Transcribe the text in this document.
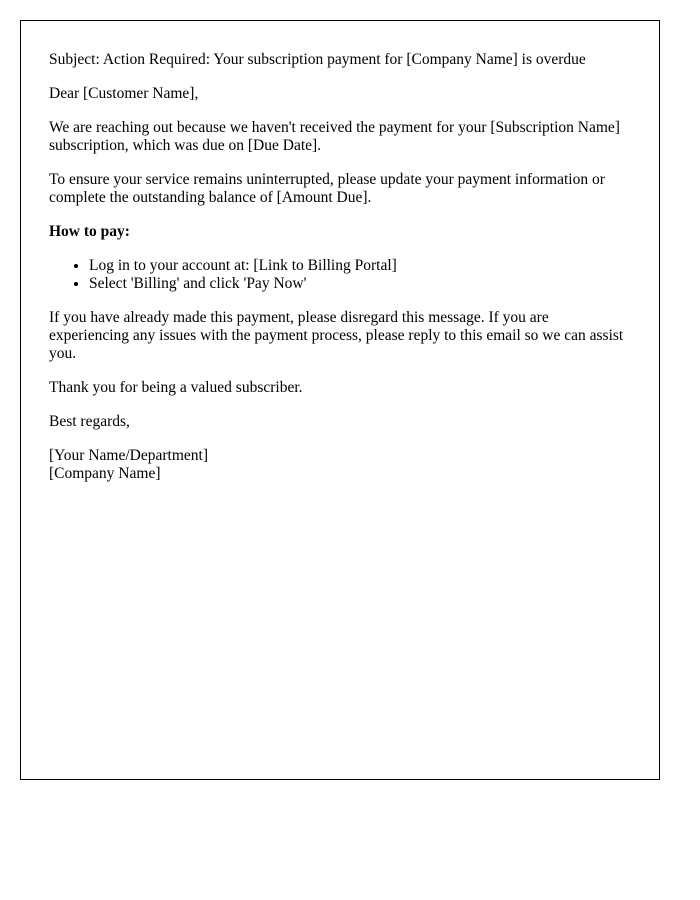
Subject: Action Required: Your subscription payment for [Company Name] is overdue

Dear [Customer Name],

We are reaching out because we haven't received the payment for your [Subscription Name] subscription, which was due on [Due Date].

To ensure your service remains uninterrupted, please update your payment information or complete the outstanding balance of [Amount Due].

How to pay:
• Log in to your account at: [Link to Billing Portal]
• Select 'Billing' and click 'Pay Now'

If you have already made this payment, please disregard this message. If you are experiencing any issues with the payment process, please reply to this email so we can assist you.

Thank you for being a valued subscriber.

Best regards,

[Your Name/Department]
[Company Name]
